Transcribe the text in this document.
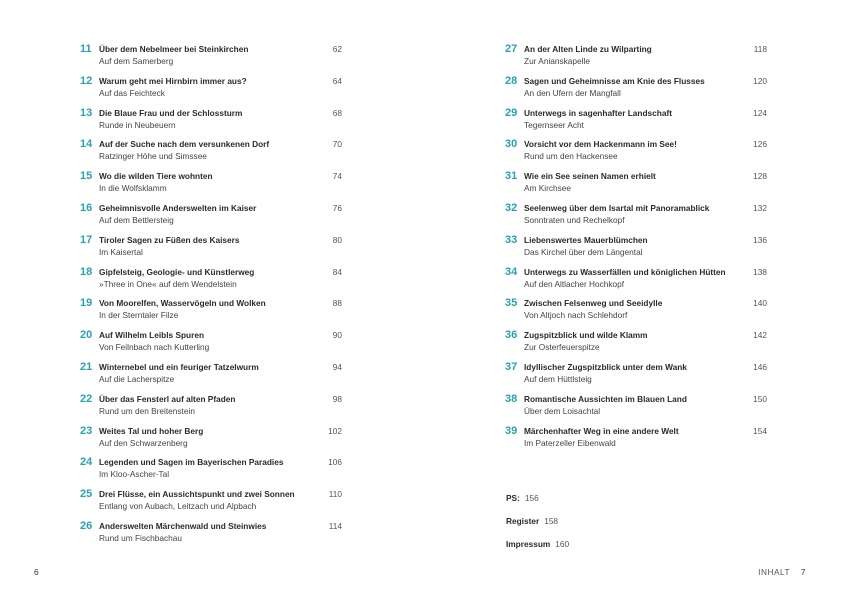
11 Über dem Nebelmeer bei Steinkirchen
Auf dem Samerberg
62
12 Warum geht mei Hirnbirn immer aus?
Auf das Feichteck
64
13 Die Blaue Frau und der Schlossturm
Runde in Neubeuern
68
14 Auf der Suche nach dem versunkenen Dorf
Ratzinger Höhe und Simssee
70
15 Wo die wilden Tiere wohnten
In die Wolfsklamm
74
16 Geheimnisvolle Anderswelten im Kaiser
Auf dem Bettlersteig
76
17 Tiroler Sagen zu Füßen des Kaisers
Im Kaisertal
80
18 Gipfelsteig, Geologie- und Künstlerweg
»Three in One« auf dem Wendelstein
84
19 Von Moorelfen, Wasservögeln und Wolken
In der Sterntaler Filze
88
20 Auf Wilhelm Leibls Spuren
Von Feilnbach nach Kutterling
90
21 Winternebel und ein feuriger Tatzelwurm
Auf die Lacherspitze
94
22 Über das Fensterl auf alten Pfaden
Rund um den Breitenstein
98
23 Weites Tal und hoher Berg
Auf den Schwarzenberg
102
24 Legenden und Sagen im Bayerischen Paradies
Im Kloo-Ascher-Tal
106
25 Drei Flüsse, ein Aussichtspunkt und zwei Sonnen
Entlang von Aubach, Leitzach und Alpbach
110
26 Anderswelten Märchenwald und Steinwies
Rund um Fischbachau
114
27 An der Alten Linde zu Wilparting
Zur Anianskapelle
118
28 Sagen und Geheimnisse am Knie des Flusses
An den Ufern der Mangfall
120
29 Unterwegs in sagenhafter Landschaft
Tegernseer Acht
124
30 Vorsicht vor dem Hackenmann im See!
Rund um den Hackensee
126
31 Wie ein See seinen Namen erhielt
Am Kirchsee
128
32 Seelenweg über dem Isartal mit Panoramablick
Sonntraten und Rechelkopf
132
33 Liebenswertes Mauerblümchen
Das Kirchel über dem Längental
136
34 Unterwegs zu Wasserfällen und königlichen Hütten
Auf den Altlacher Hochkopf
138
35 Zwischen Felsenweg und Seeidylle
Von Altjoch nach Schlehdorf
140
36 Zugspitzblick und wilde Klamm
Zur Osterfeuerspitze
142
37 Idyllischer Zugspitzblick unter dem Wank
Auf dem Hüttlsteig
146
38 Romantische Aussichten im Blauen Land
Über dem Loisachtal
150
39 Märchenhafter Weg in eine andere Welt
Im Paterzeller Eibenwald
154
PS: 156
Register 158
Impressum 160
6	INHALT 7
